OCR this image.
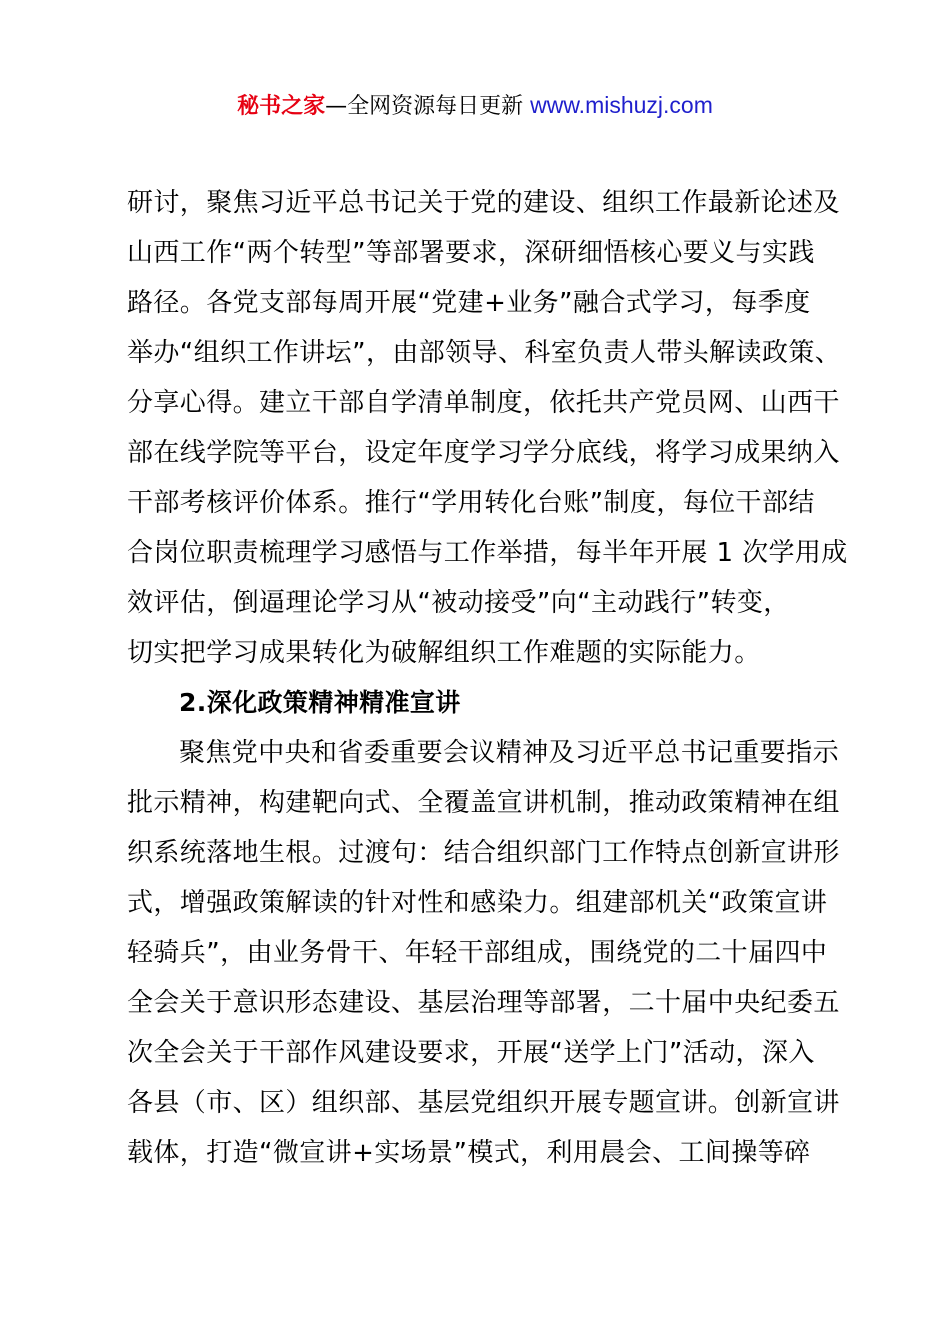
秘书之家—全网资源每日更新 www.mishuzj.com
研讨，聚焦习近平总书记关于党的建设、组织工作最新论述及
山西工作“两个转型”等部署要求，深研细悟核心要义与实践
路径。各党支部每周开展“党建+业务”融合式学习，每季度
举办“组织工作讲坛”，由部领导、科室负责人带头解读政策、
分享心得。建立干部自学清单制度，依托共产党员网、山西干
部在线学院等平台，设定年度学习学分底线，将学习成果纳入
干部考核评价体系。推行“学用转化台账”制度，每位干部结
合岗位职责梳理学习感悟与工作举措，每半年开展 1 次学用成
效评估，倒逼理论学习从“被动接受”向“主动践行”转变，
切实把学习成果转化为破解组织工作难题的实际能力。
2.深化政策精神精准宣讲
聚焦党中央和省委重要会议精神及习近平总书记重要指示
批示精神，构建靶向式、全覆盖宣讲机制，推动政策精神在组
织系统落地生根。过渡句：结合组织部门工作特点创新宣讲形
式，增强政策解读的针对性和感染力。组建部机关“政策宣讲
轻骑兵”，由业务骨干、年轻干部组成，围绕党的二十届四中
全会关于意识形态建设、基层治理等部署，二十届中央纪委五
次全会关于干部作风建设要求，开展“送学上门”活动，深入
各县（市、区）组织部、基层党组织开展专题宣讲。创新宣讲
载体，打造“微宣讲+实场景”模式，利用晨会、工间操等碎
